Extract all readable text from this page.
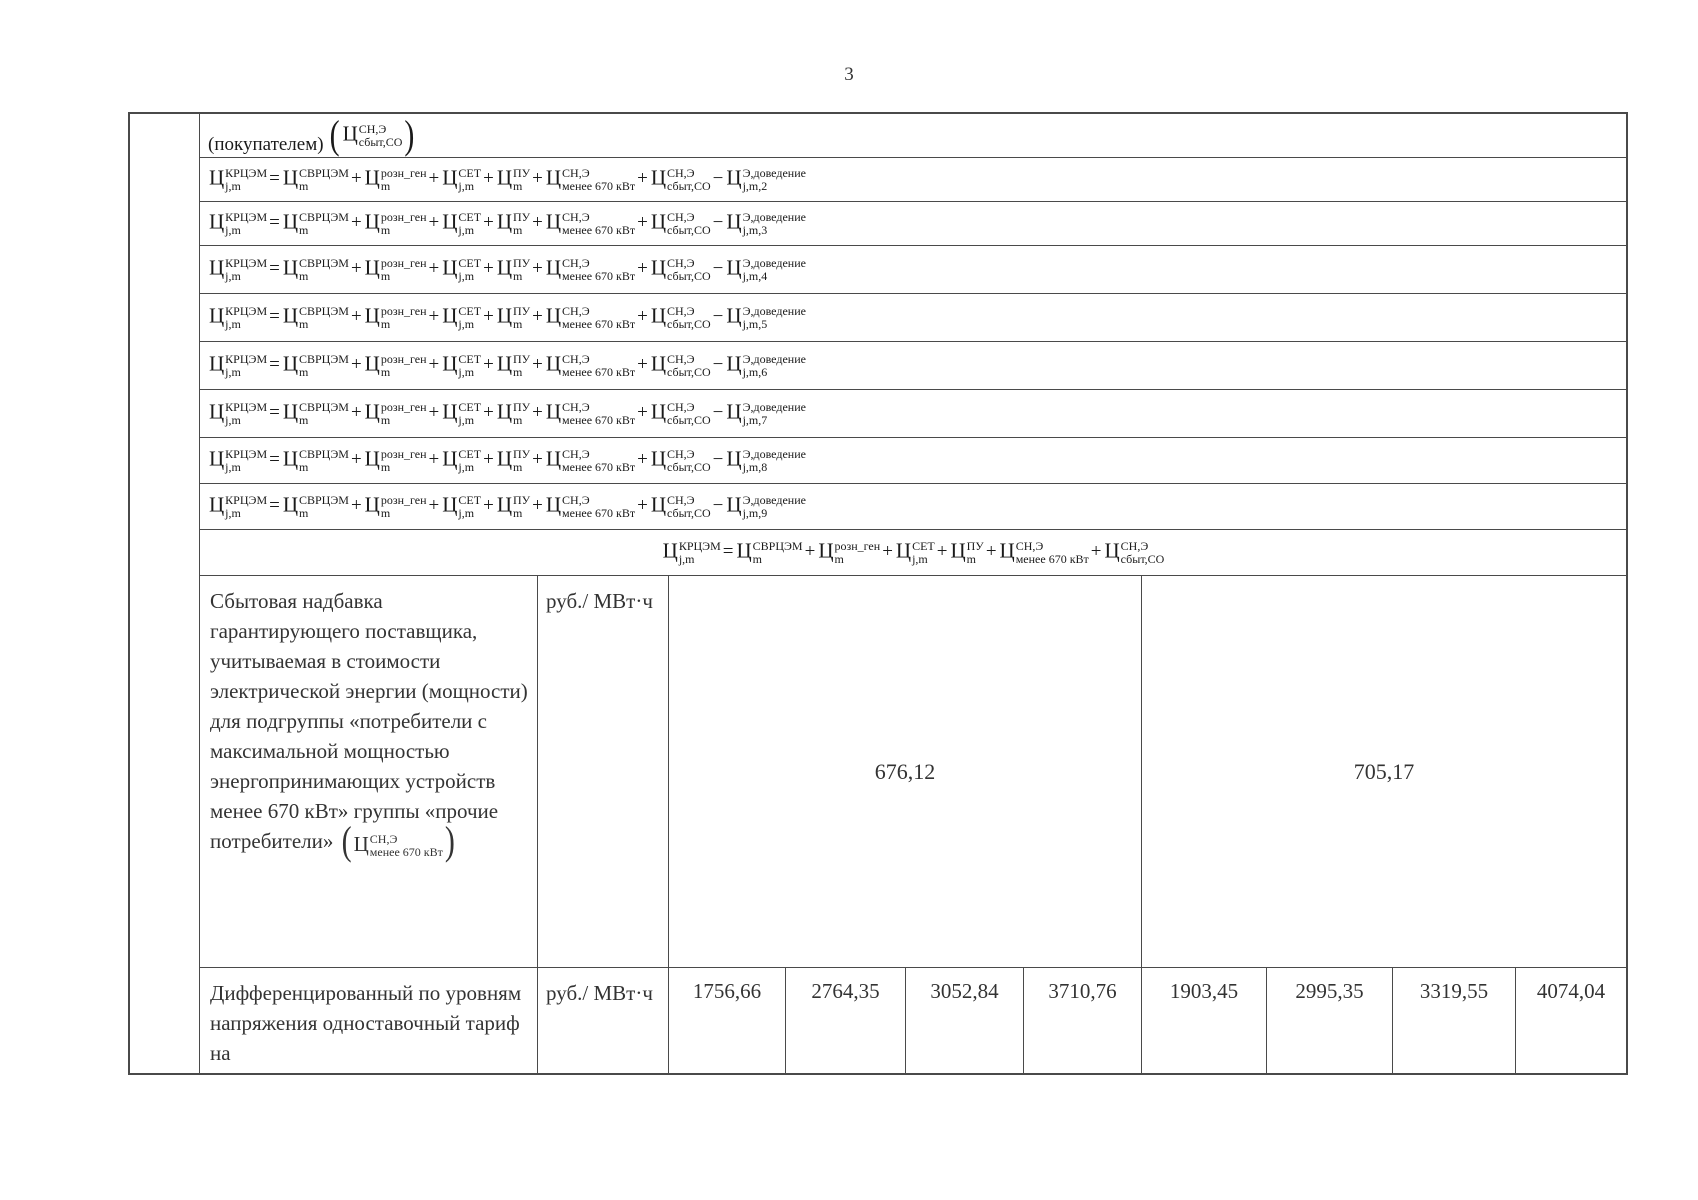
3
(покупателем) ( Ц СН,Э
сбыт,СО )
Ц КРЦЭМ
j,m	= Ц СВРЦЭМ
m	+ Ц розн_ген
m	+ Ц СЕТ
j,m + Ц ПУ
m + Ц СН,Э
менее 670 кВт + Ц СН,Э
сбыт,СО − Ц Э,доведение
j,m,2
Ц КРЦЭМ
j,m	= Ц СВРЦЭМ
m	+ Ц розн_ген
m	+ Ц СЕТ
j,m + Ц ПУ
m + Ц СН,Э
менее 670 кВт + Ц СН,Э
сбыт,СО − Ц Э,доведение
j,m,3
Ц КРЦЭМ
j,m	= Ц СВРЦЭМ
m	+ Ц розн_ген
m	+ Ц СЕТ
j,m + Ц ПУ
m + Ц СН,Э
менее 670 кВт + Ц СН,Э
сбыт,СО − Ц Э,доведение
j,m,4
Ц КРЦЭМ
j,m	= Ц СВРЦЭМ
m	+ Ц розн_ген
m	+ Ц СЕТ
j,m + Ц ПУ
m + Ц СН,Э
менее 670 кВт + Ц СН,Э
сбыт,СО − Ц Э,доведение
j,m,5
Ц КРЦЭМ
j,m	= Ц СВРЦЭМ
m	+ Ц розн_ген
m	+ Ц СЕТ
j,m + Ц ПУ
m + Ц СН,Э
менее 670 кВт + Ц СН,Э
сбыт,СО − Ц Э,доведение
j,m,6
Ц КРЦЭМ
j,m	= Ц СВРЦЭМ
m	+ Ц розн_ген
m	+ Ц СЕТ
j,m + Ц ПУ
m + Ц СН,Э
менее 670 кВт + Ц СН,Э
сбыт,СО − Ц Э,доведение
j,m,7
Ц КРЦЭМ
j,m	= Ц СВРЦЭМ
m	+ Ц розн_ген
m	+ Ц СЕТ
j,m + Ц ПУ
m + Ц СН,Э
менее 670 кВт + Ц СН,Э
сбыт,СО − Ц Э,доведение
j,m,8
Ц КРЦЭМ
j,m	= Ц СВРЦЭМ
m	+ Ц розн_ген
m	+ Ц СЕТ
j,m + Ц ПУ
m + Ц СН,Э
менее 670 кВт + Ц СН,Э
сбыт,СО − Ц Э,доведение
j,m,9
Ц КРЦЭМ
j,m	= Ц СВРЦЭМ
m	+ Ц розн_ген
m	+ Ц СЕТ
j,m + Ц ПУ
m + Ц СН,Э
менее 670 кВт + Ц СН,Э
сбыт,СО
Сбытовая надбавка гарантирующего поставщика, учитываемая в стоимости электрической энергии (мощности) для подгруппы «потребители с максимальной мощностью энергопринимающих устройств менее 670 кВт» группы «прочие потребители» (Ц СН,Э
менее 670 кВт )
руб./ МВт·ч
676,12	705,17
Дифференцированный по уровням напряжения одноставочный тариф на
руб./ МВт·ч	1756,66	2764,35	3052,84	3710,76	1903,45	2995,35	3319,55	4074,04
